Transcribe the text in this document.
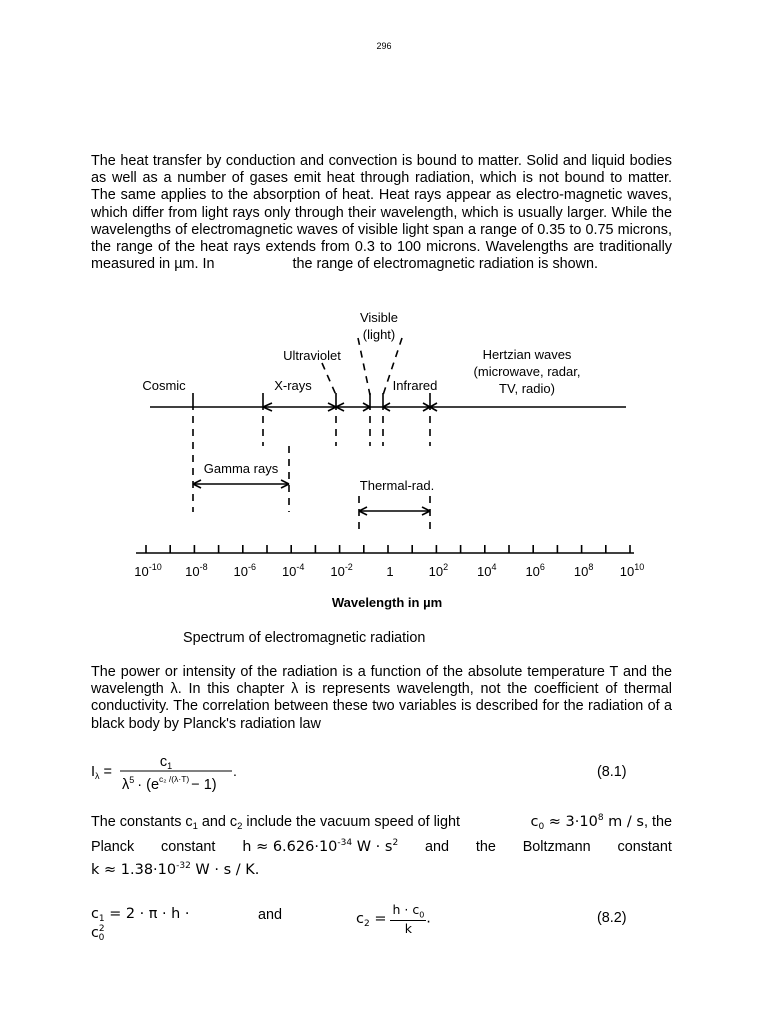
296

The heat transfer by conduction and convection is bound to matter. Solid and liquid bodies as well as a number of gases emit heat through radiation, which is not bound to matter. The same applies to the absorption of heat. Heat rays appear as electro-magnetic waves, which differ from light rays only through their wavelength, which is usually larger. While the wavelengths of electromagnetic waves of visible light span a range of 0.35 to 0.75 microns, the range of the heat rays extends from 0.3 to 100 microns. Wavelengths are traditionally measured in µm. In	the range of electromagnetic radiation is shown.

Visible
(light)
Ultraviolet	Hertzian waves
(microwave, radar,
TV, radio)
Cosmic	X-rays	Infrared
Gamma rays
Thermal-rad.
$10^{-10}$ $10^{-8}$ $10^{-6}$ $10^{-4}$ $10^{-2}$	1	$10^2$ $10^4$ $10^6$ $10^8$ $10^{10}$
Wavelength in µm
Spectrum of electromagnetic radiation

The power or intensity of the radiation is a function of the absolute temperature T and the wavelength λ. In this chapter λ is represents wavelength, not the coefficient of thermal conductivity. The correlation between these two variables is described for the radiation of a black body by Planck's radiation law

$I_\lambda$ =
$c_1$
$\lambda^5 \cdot (e^{c_2 /(\lambda\cdot T)} - 1)$
.	(8.1)
The constants $c_1$ and $c_2$ include the vacuum speed of light	$c_0 \approx 3\cdot 10^8$ m / s, the
Planck constant $h \approx 6.626\cdot 10^{-34}$ $W \cdot s^2$ and the Boltzmann constant
$k \approx 1.38\cdot 10^{-32}$ W · s / K.
$c_1 = 2 \cdot \pi \cdot h \cdot c^2_0$
and	$c_2 = \frac{h \cdot c_0}{k}$ .	(8.2)
